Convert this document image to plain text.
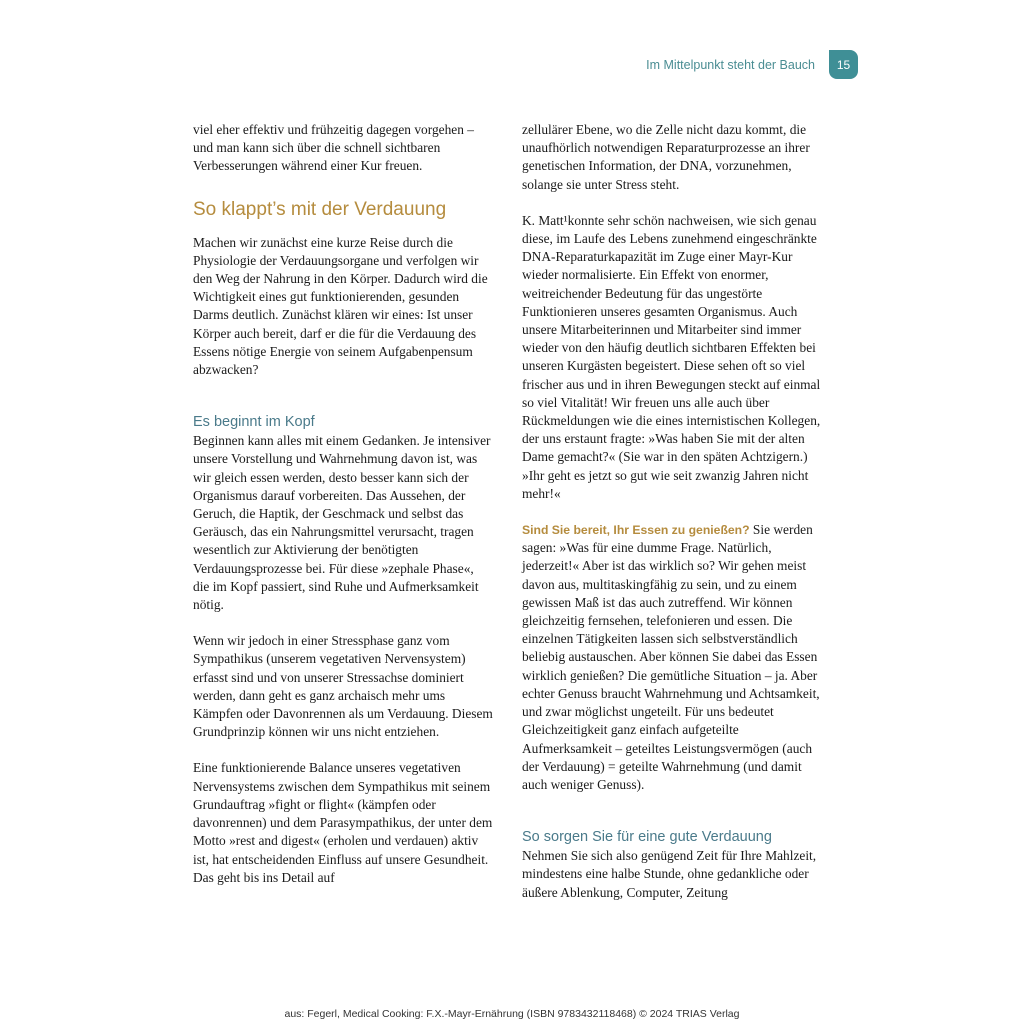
Im Mittelpunkt steht der Bauch	15

viel eher effektiv und frühzeitig dagegen vorgehen – und man kann sich über die schnell sichtbaren Verbesserungen während einer Kur freuen.

So klappt’s mit der Verdauung

Machen wir zunächst eine kurze Reise durch die Physiologie der Verdauungsorgane und verfolgen wir den Weg der Nahrung in den Körper. Dadurch wird die Wichtigkeit eines gut funktionierenden, gesunden Darms deutlich. Zunächst klären wir eines: Ist unser Körper auch bereit, darf er die für die Verdauung des Essens nötige Energie von seinem Aufgabenpensum abzwacken?

Es beginnt im Kopf

Beginnen kann alles mit einem Gedanken. Je intensiver unsere Vorstellung und Wahrnehmung davon ist, was wir gleich essen werden, desto besser kann sich der Organismus darauf vorbereiten. Das Aussehen, der Geruch, die Haptik, der Geschmack und selbst das Geräusch, das ein Nahrungsmittel verursacht, tragen wesentlich zur Aktivierung der benötigten Verdauungsprozesse bei. Für diese »zephale Phase«, die im Kopf passiert, sind Ruhe und Aufmerksamkeit nötig.

Wenn wir jedoch in einer Stressphase ganz vom Sympathikus (unserem vegetativen Nervensystem) erfasst sind und von unserer Stressachse dominiert werden, dann geht es ganz archaisch mehr ums Kämpfen oder Davonrennen als um Verdauung. Diesem Grundprinzip können wir uns nicht entziehen.

Eine funktionierende Balance unseres vegetativen Nervensystems zwischen dem Sympathikus mit seinem Grundauftrag »fight or flight« (kämpfen oder davonrennen) und dem Parasympathikus, der unter dem Motto »rest and digest« (erholen und verdauen) aktiv ist, hat entscheidenden Einfluss auf unsere Gesundheit. Das geht bis ins Detail auf

zellulärer Ebene, wo die Zelle nicht dazu kommt, die unaufhörlich notwendigen Reparaturprozesse an ihrer genetischen Information, der DNA, vorzunehmen, solange sie unter Stress steht.

K. Matt¹konnte sehr schön nachweisen, wie sich genau diese, im Laufe des Lebens zunehmend eingeschränkte DNA-Reparaturkapazität im Zuge einer Mayr-Kur wieder normalisierte. Ein Effekt von enormer, weitreichender Bedeutung für das ungestörte Funktionieren unseres gesamten Organismus. Auch unsere Mitarbeiterinnen und Mitarbeiter sind immer wieder von den häufig deutlich sichtbaren Effekten bei unseren Kurgästen begeistert. Diese sehen oft so viel frischer aus und in ihren Bewegungen steckt auf einmal so viel Vitalität! Wir freuen uns alle auch über Rückmeldungen wie die eines internistischen Kollegen, der uns erstaunt fragte: »Was haben Sie mit der alten Dame gemacht?« (Sie war in den späten Achtzigern.) »Ihr geht es jetzt so gut wie seit zwanzig Jahren nicht mehr!«

Sind Sie bereit, Ihr Essen zu genießen? Sie werden sagen: »Was für eine dumme Frage. Natürlich, jederzeit!« Aber ist das wirklich so? Wir gehen meist davon aus, multitaskingfähig zu sein, und zu einem gewissen Maß ist das auch zutreffend. Wir können gleichzeitig fernsehen, telefonieren und essen. Die einzelnen Tätigkeiten lassen sich selbstverständlich beliebig austauschen. Aber können Sie dabei das Essen wirklich genießen? Die gemütliche Situation – ja. Aber echter Genuss braucht Wahrnehmung und Achtsamkeit, und zwar möglichst ungeteilt. Für uns bedeutet Gleichzeitigkeit ganz einfach aufgeteilte Aufmerksamkeit – geteiltes Leistungsvermögen (auch der Verdauung) = geteilte Wahrnehmung (und damit auch weniger Genuss).

So sorgen Sie für eine gute Verdauung

Nehmen Sie sich also genügend Zeit für Ihre Mahlzeit, mindestens eine halbe Stunde, ohne gedankliche oder äußere Ablenkung, Computer, Zeitung

aus: Fegerl, Medical Cooking: F.X.-Mayr-Ernährung (ISBN 9783432118468) © 2024 TRIAS Verlag
